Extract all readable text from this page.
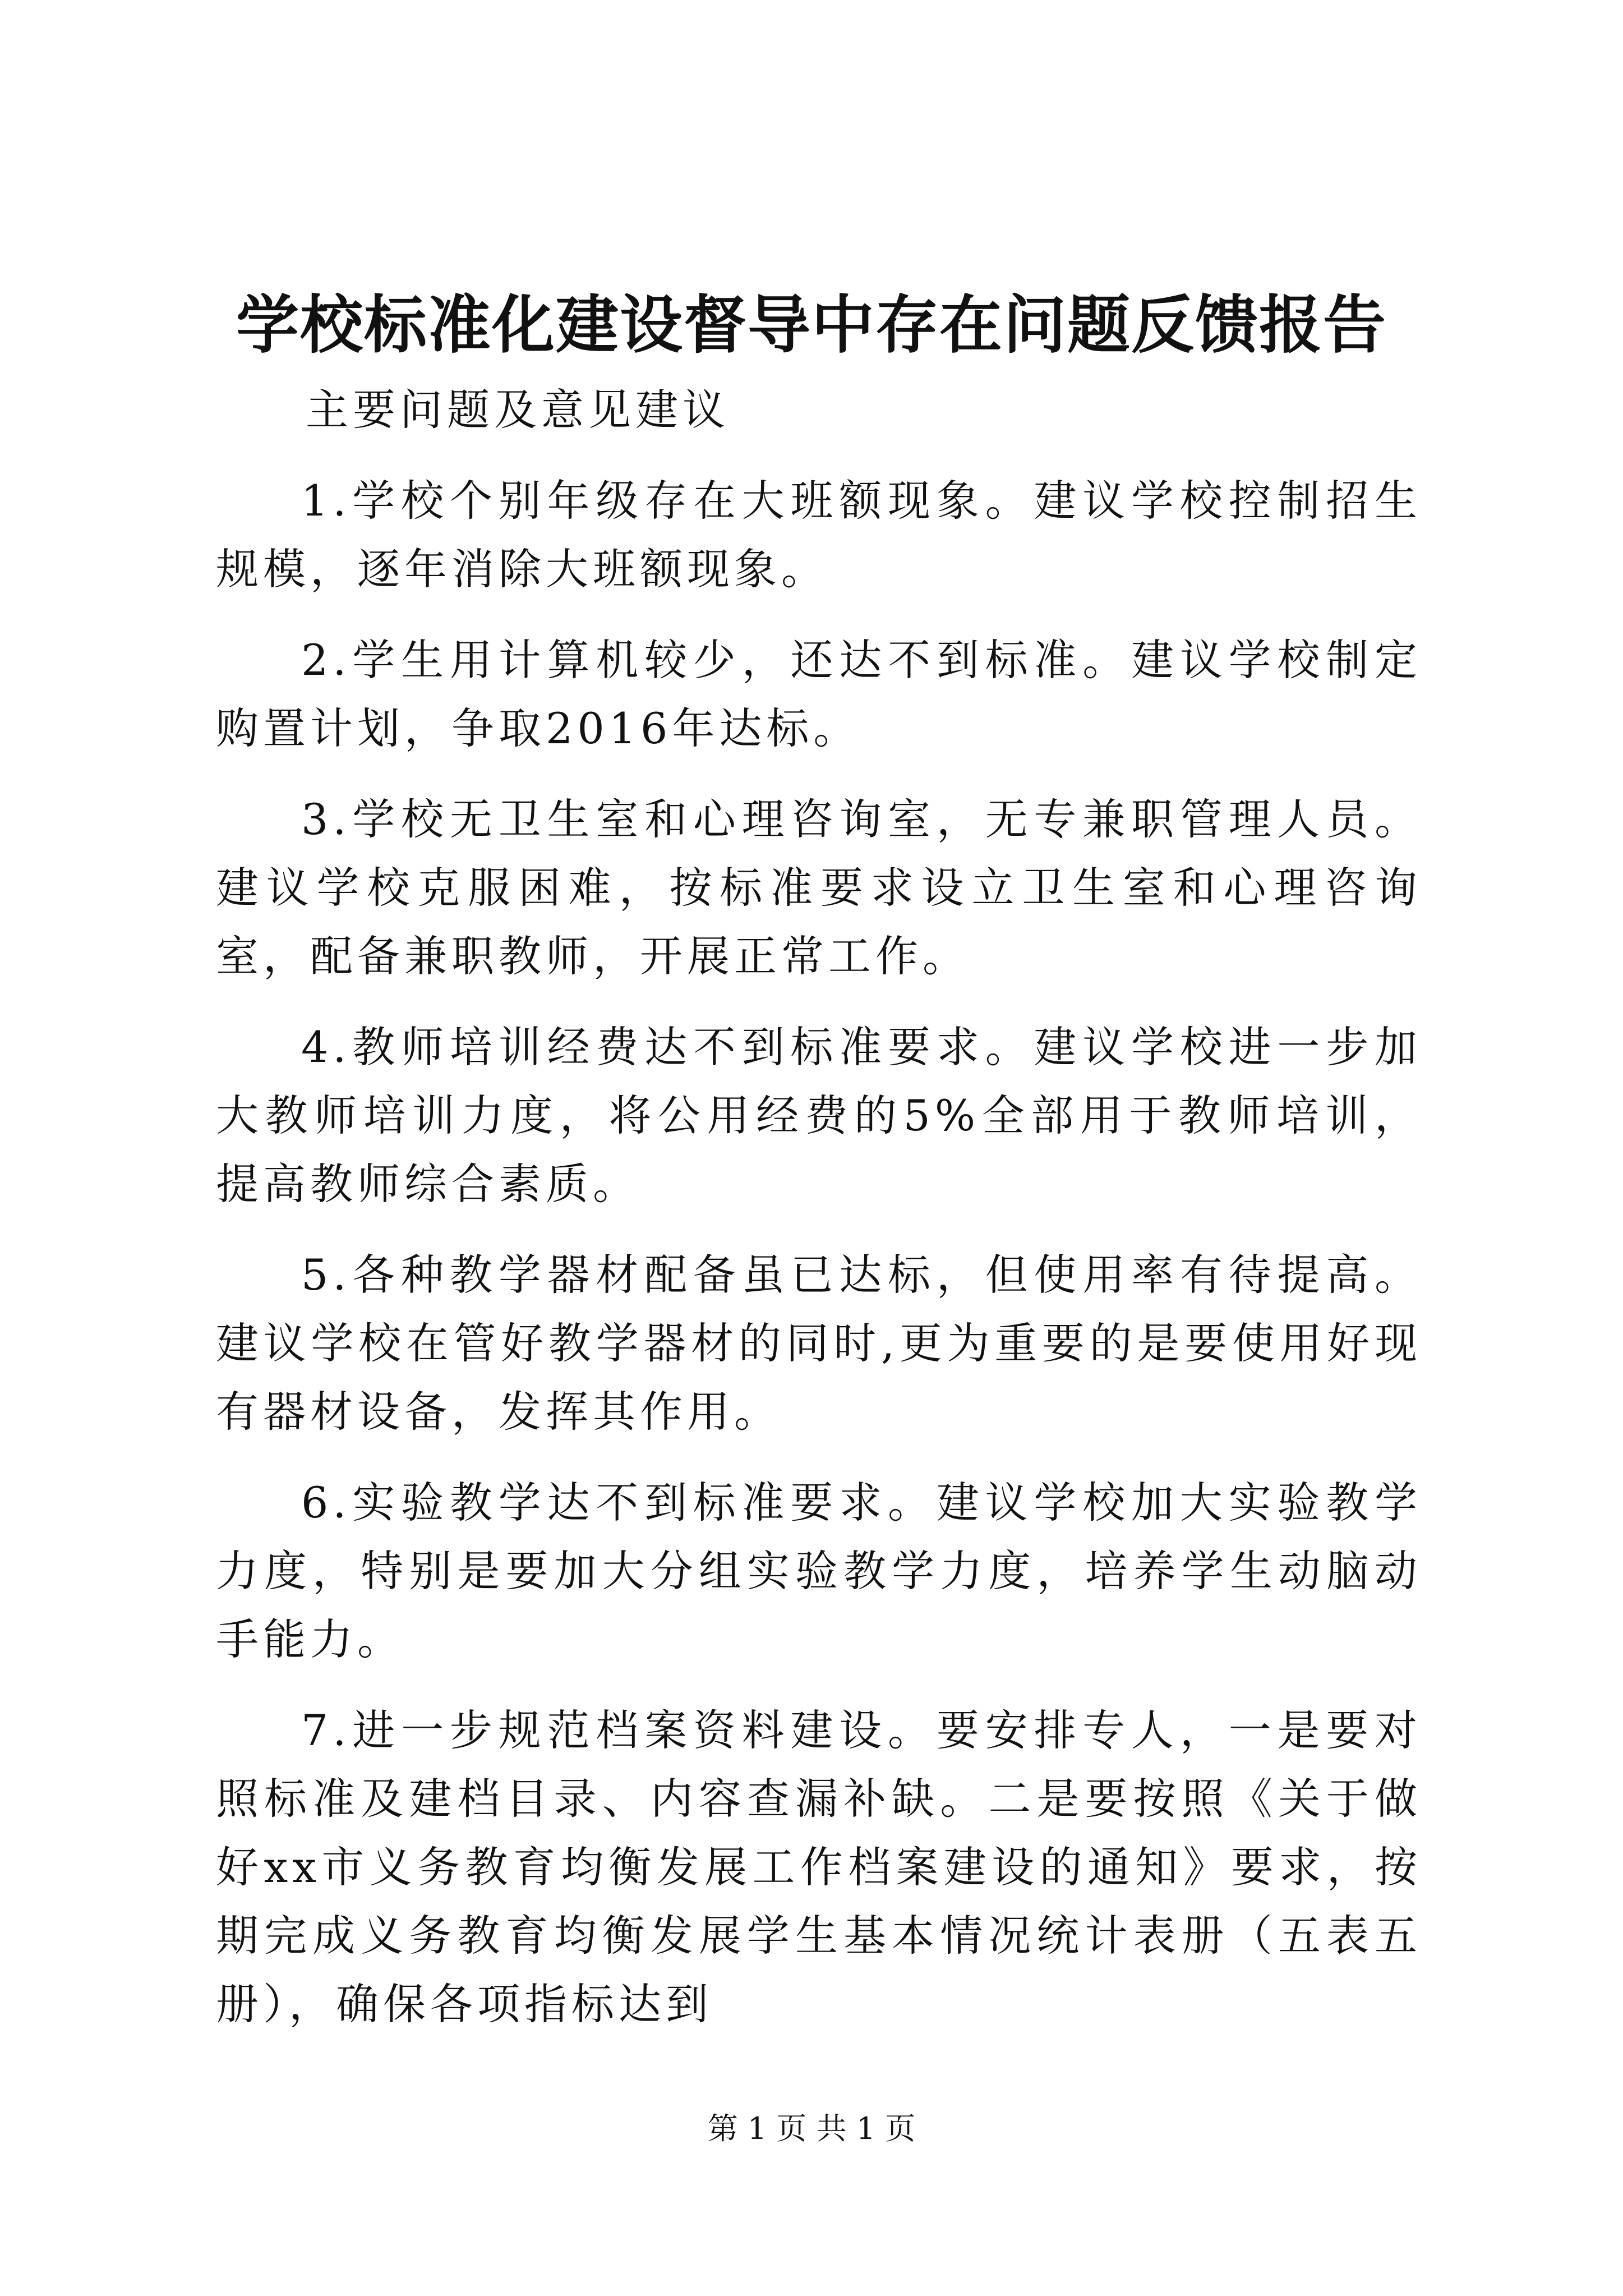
学校标准化建设督导中存在问题反馈报告

主要问题及意见建议

1.学校个别年级存在大班额现象。建议学校控制招生规模，逐年消除大班额现象。

2.学生用计算机较少，还达不到标准。建议学校制定购置计划，争取2016年达标。

3.学校无卫生室和心理咨询室，无专兼职管理人员。建议学校克服困难，按标准要求设立卫生室和心理咨询室，配备兼职教师，开展正常工作。

4.教师培训经费达不到标准要求。建议学校进一步加大教师培训力度，将公用经费的5%全部用于教师培训，提高教师综合素质。

5.各种教学器材配备虽已达标，但使用率有待提高。建议学校在管好教学器材的同时,更为重要的是要使用好现有器材设备，发挥其作用。

6.实验教学达不到标准要求。建议学校加大实验教学力度，特别是要加大分组实验教学力度，培养学生动脑动手能力。

7.进一步规范档案资料建设。要安排专人，一是要对照标准及建档目录、内容查漏补缺。二是要按照《关于做好xx市义务教育均衡发展工作档案建设的通知》要求，按期完成义务教育均衡发展学生基本情况统计表册（五表五册），确保各项指标达到

第 1 页 共 1 页
